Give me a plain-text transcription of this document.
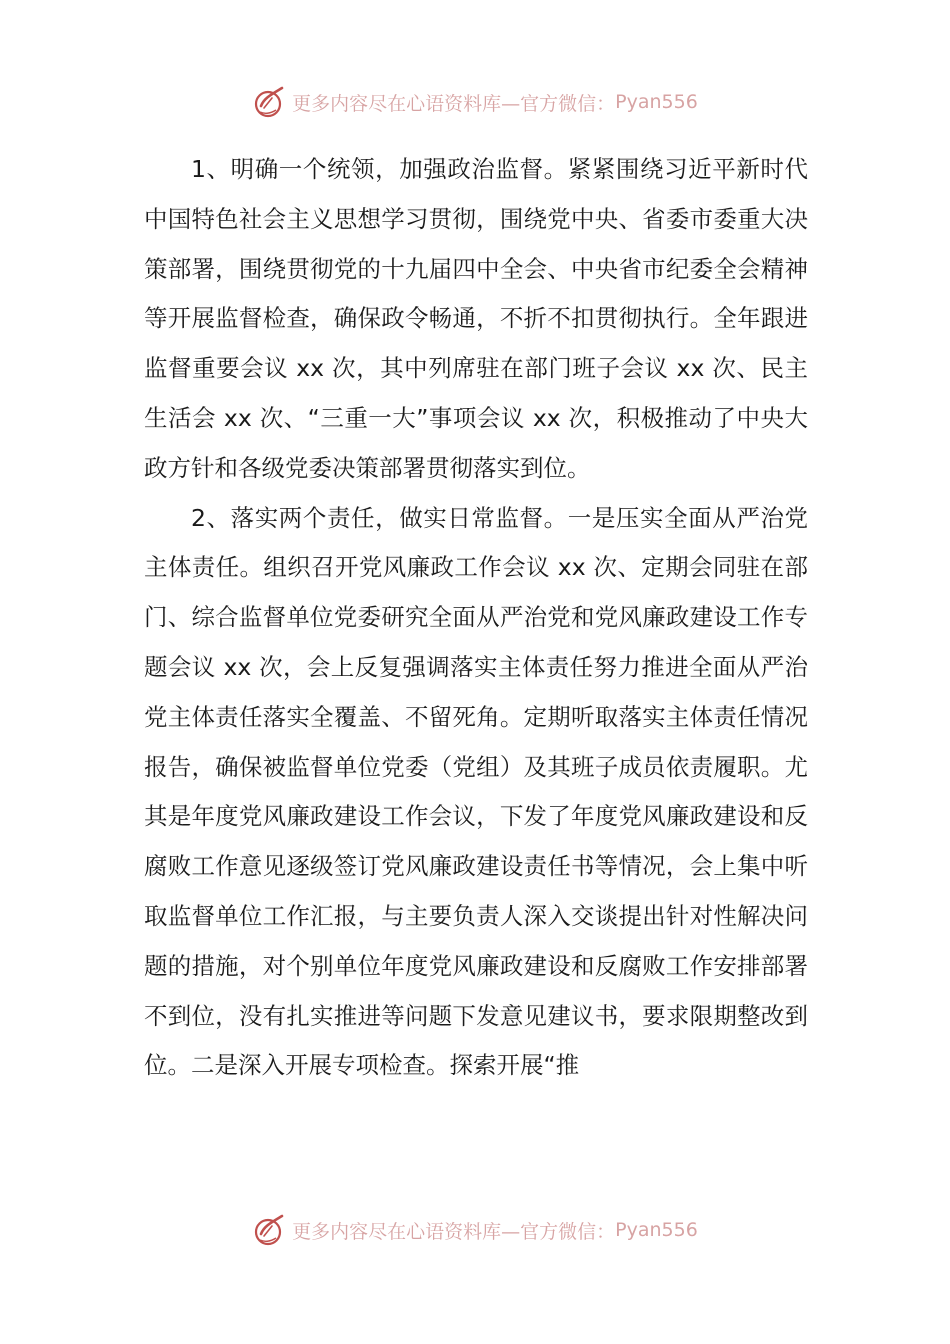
更多内容尽在心语资料库—官方微信： Pyan556

1、明确一个统领，加强政治监督。紧紧围绕习近平新时代中国特色社会主义思想学习贯彻，围绕党中央、省委市委重大决策部署，围绕贯彻党的十九届四中全会、中央省市纪委全会精神等开展监督检查，确保政令畅通，不折不扣贯彻执行。全年跟进监督重要会议 xx 次，其中列席驻在部门班子会议 xx 次、民主生活会 xx 次、“三重一大”事项会议 xx 次，积极推动了中央大政方针和各级党委决策部署贯彻落实到位。

2、落实两个责任，做实日常监督。一是压实全面从严治党主体责任。组织召开党风廉政工作会议 xx 次、定期会同驻在部门、综合监督单位党委研究全面从严治党和党风廉政建设工作专题会议 xx 次，会上反复强调落实主体责任努力推进全面从严治党主体责任落实全覆盖、不留死角。定期听取落实主体责任情况报告，确保被监督单位党委（党组）及其班子成员依责履职。尤其是年度党风廉政建设工作会议，下发了年度党风廉政建设和反腐败工作意见逐级签订党风廉政建设责任书等情况，会上集中听取监督单位工作汇报，与主要负责人深入交谈提出针对性解决问题的措施，对个别单位年度党风廉政建设和反腐败工作安排部署不到位，没有扎实推进等问题下发意见建议书，要求限期整改到位。二是深入开展专项检查。探索开展“推

更多内容尽在心语资料库—官方微信： Pyan556
